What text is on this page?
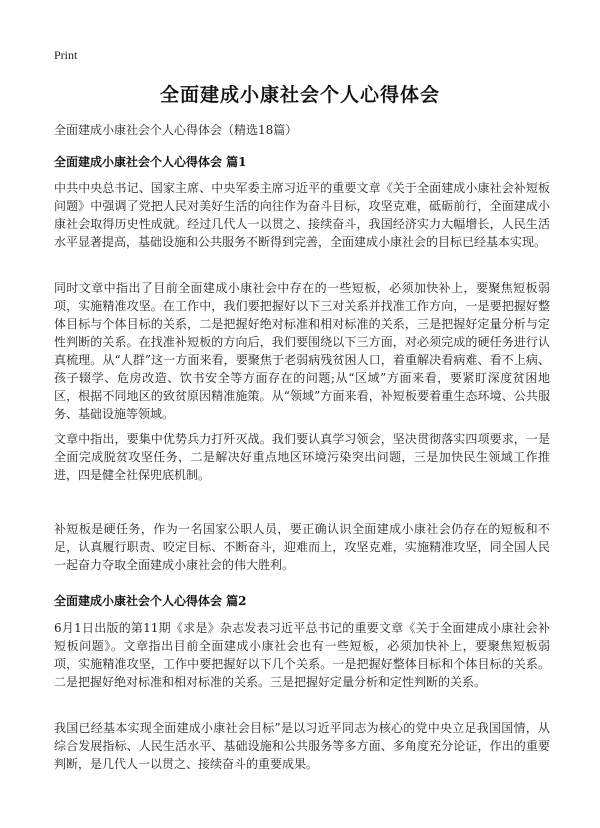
Print
全面建成小康社会个人心得体会
全面建成小康社会个人心得体会（精选18篇）
全面建成小康社会个人心得体会 篇1
中共中央总书记、国家主席、中央军委主席习近平的重要文章《关于全面建成小康社会补短板问题》中强调了党把人民对美好生活的向往作为奋斗目标，攻坚克难，砥砺前行，全面建成小康社会取得历史性成就。经过几代人一以贯之、接续奋斗，我国经济实力大幅增长，人民生活水平显著提高，基础设施和公共服务不断得到完善，全面建成小康社会的目标已经基本实现。
同时文章中指出了目前全面建成小康社会中存在的一些短板，必须加快补上，要聚焦短板弱项，实施精准攻坚。在工作中，我们要把握好以下三对关系并找准工作方向，一是要把握好整体目标与个体目标的关系，二是把握好绝对标准和相对标准的关系，三是把握好定量分析与定性判断的关系。在找准补短板的方向后，我们要围绕以下三方面，对必须完成的硬任务进行认真梳理。从“人群”这一方面来看，要聚焦于老弱病残贫困人口，着重解决看病难、看不上病、孩子辍学、危房改造、饮书安全等方面存在的问题;从“区域”方面来看，要紧盯深度贫困地区，根据不同地区的致贫原因精准施策。从“领域”方面来看，补短板要着重生态环境、公共服务、基础设施等领域。
文章中指出，要集中优势兵力打歼灭战。我们要认真学习领会，坚决贯彻落实四项要求，一是全面完成脱贫攻坚任务，二是解决好重点地区环境污染突出问题，三是加快民生领域工作推进，四是健全社保兜底机制。
补短板是硬任务，作为一名国家公职人员，要正确认识全面建成小康社会仍存在的短板和不足，认真履行职责、咬定目标、不断奋斗，迎难而上，攻坚克难，实施精准攻坚，同全国人民一起奋力夺取全面建成小康社会的伟大胜利。
全面建成小康社会个人心得体会 篇2
6月1日出版的第11期《求是》杂志发表习近平总书记的重要文章《关于全面建成小康社会补短板问题》。文章指出目前全面建成小康社会也有一些短板，必须加快补上，要聚焦短板弱项，实施精准攻坚，工作中要把握好以下几个关系。一是把握好整体目标和个体目标的关系。二是把握好绝对标准和相对标准的关系。三是把握好定量分析和定性判断的关系。
我国已经基本实现全面建成小康社会目标”是以习近平同志为核心的党中央立足我国国情，从综合发展指标、人民生活水平、基础设施和公共服务等多方面、多角度充分论证，作出的重要判断，是几代人一以贯之、接续奋斗的重要成果。
